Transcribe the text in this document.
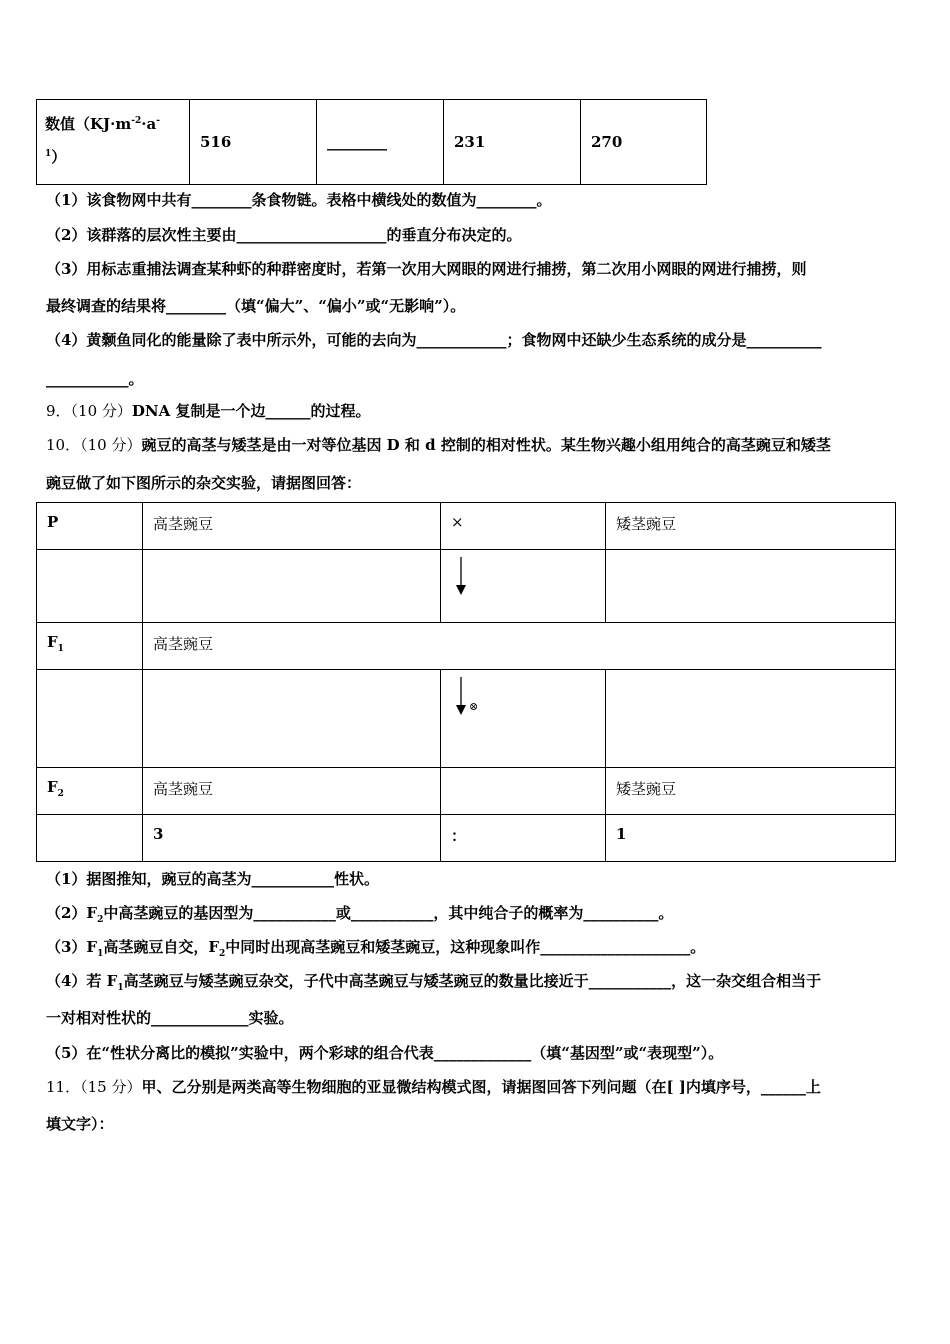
数值（$KJ\cdot m^{-2}\cdot a^-$
$^1$）	516	________	231	270
（1）该食物网中共有________条食物链。表格中横线处的数值为________。
（2）该群落的层次性主要由____________________的垂直分布决定的。
（3）用标志重捕法调查某种虾的种群密度时，若第一次用大网眼的网进行捕捞，第二次用小网眼的网进行捕捞，则
最终调查的结果将________（填“偏大”、“偏小”或“无影响”）。
（4）黄颡鱼同化的能量除了表中所示外，可能的去向为____________；食物网中还缺少生态系统的成分是__________
___________。
9．（10 分）DNA 复制是一个边______的过程。
10．（10 分）豌豆的高茎与矮茎是由一对等位基因 D 和 d 控制的相对性状。某生物兴趣小组用纯合的高茎豌豆和矮茎
豌豆做了如下图所示的杂交实验，请据图回答：
P	高茎豌豆	×	矮茎豌豆

$F_1$	高茎豌豆		

		⊗	

$F_2$	高茎豌豆		矮茎豌豆
	3	：	1
（1）据图推知，豌豆的高茎为___________性状。
$(2)F_2$中高茎豌豆的基因型为___________或___________，其中纯合子的概率为__________。
$(3)F_1$高茎豌豆自交，$F_2$中同时出现高茎豌豆和矮茎豌豆，这种现象叫作____________________。
（4）若 $F_1$高茎豌豆与矮茎豌豆杂交，子代中高茎豌豆与矮茎豌豆的数量比接近于___________，这一杂交组合相当于
一对相对性状的_____________实验。
（5）在“性状分离比的模拟”实验中，两个彩球的组合代表_____________（填“基因型”或“表现型”）。
11．（15 分）甲、乙分别是两类高等生物细胞的亚显微结构模式图，请据图回答下列问题（在[ ]内填序号，______上
填文字）：
